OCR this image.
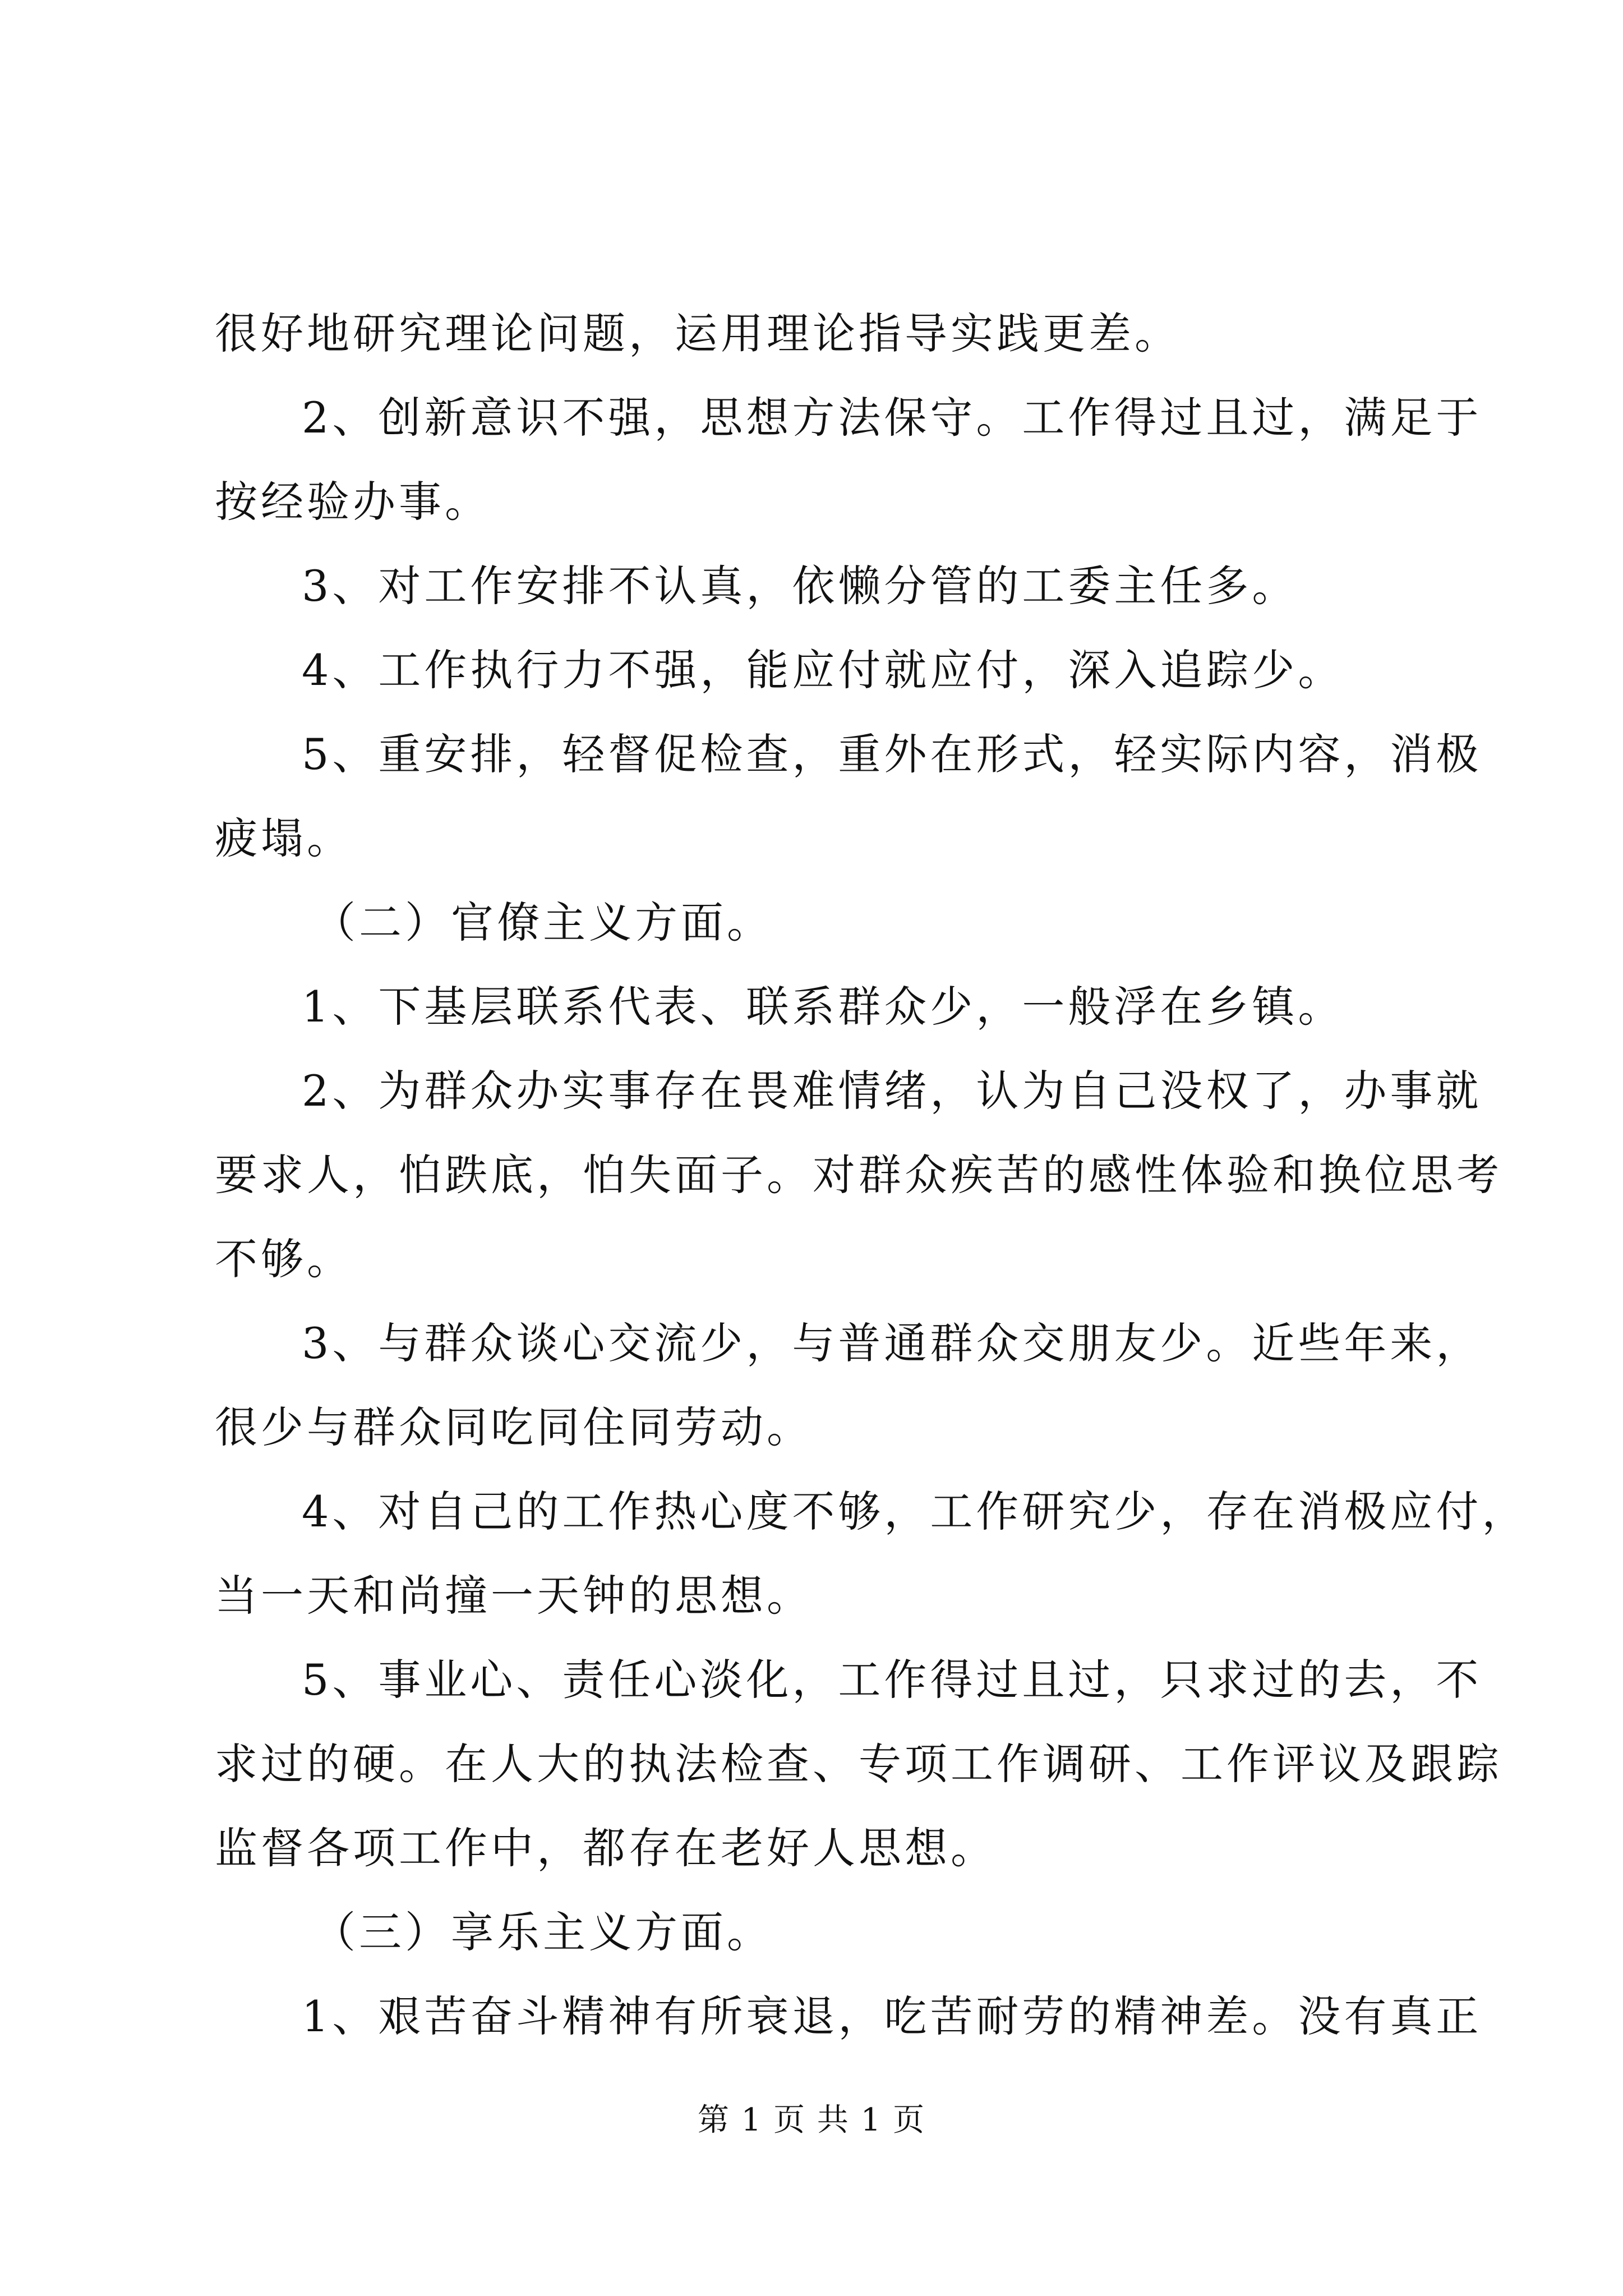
很好地研究理论问题，运用理论指导实践更差。
2、创新意识不强，思想方法保守。工作得过且过，满足于
按经验办事。
3、对工作安排不认真，依懒分管的工委主任多。
4、工作执行力不强，能应付就应付，深入追踪少。
5、重安排，轻督促检查，重外在形式，轻实际内容，消极
疲塌。
（二）官僚主义方面。
1、下基层联系代表、联系群众少，一般浮在乡镇。
2、为群众办实事存在畏难情绪，认为自己没权了，办事就
要求人，怕跌底，怕失面子。对群众疾苦的感性体验和换位思考
不够。
3、与群众谈心交流少，与普通群众交朋友少。近些年来，
很少与群众同吃同住同劳动。
4、对自己的工作热心度不够，工作研究少，存在消极应付，
当一天和尚撞一天钟的思想。
5、事业心、责任心淡化，工作得过且过，只求过的去，不
求过的硬。在人大的执法检查、专项工作调研、工作评议及跟踪
监督各项工作中，都存在老好人思想。
（三）享乐主义方面。
1、艰苦奋斗精神有所衰退，吃苦耐劳的精神差。没有真正
第 1 页 共 1 页
